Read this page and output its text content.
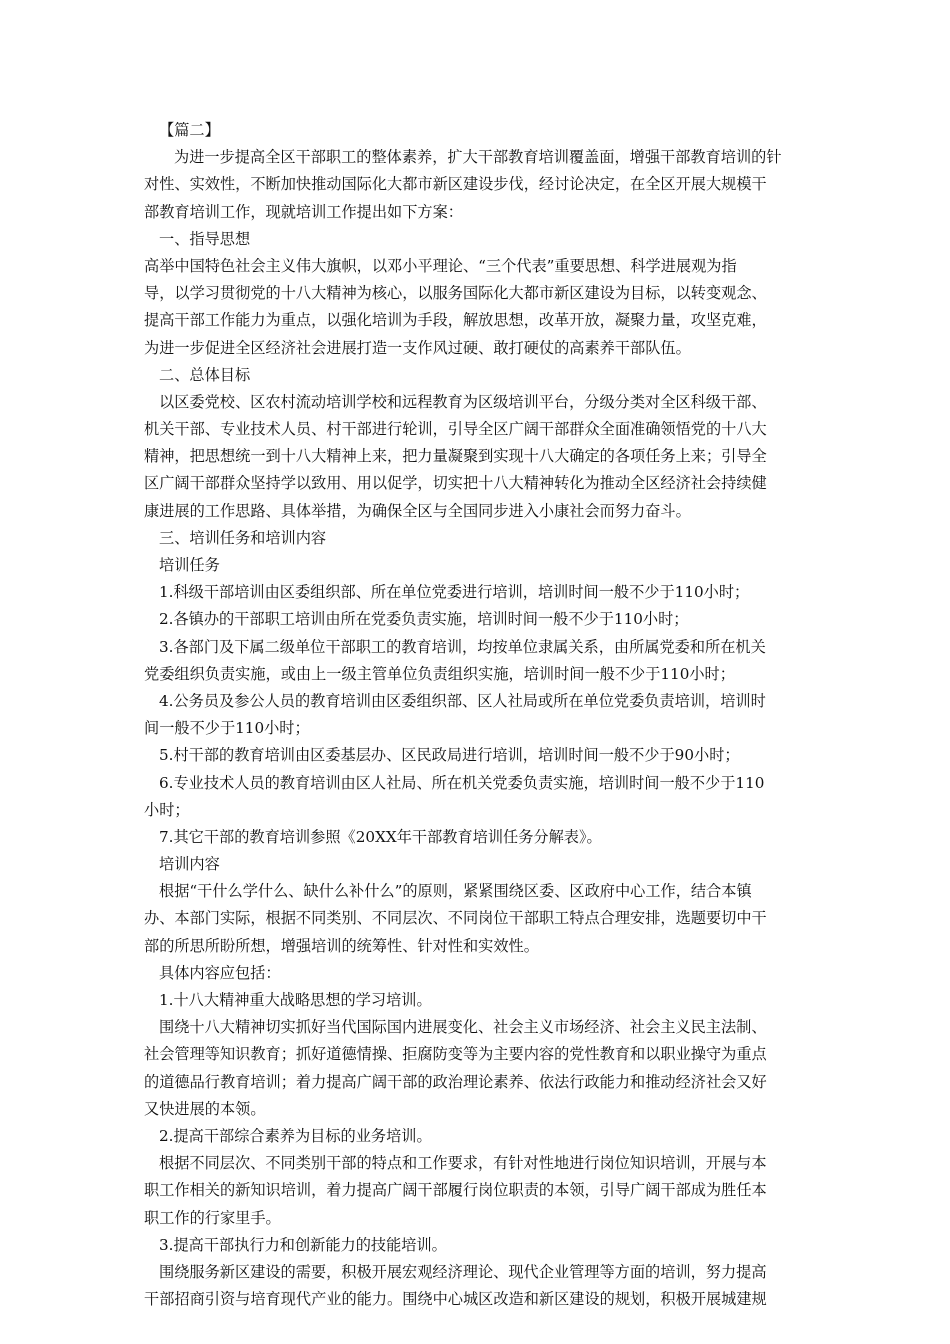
【篇二】

为进一步提高全区干部职工的整体素养，扩大干部教育培训覆盖面，增强干部教育培训的针

对性、实效性，不断加快推动国际化大都市新区建设步伐，经讨论决定，在全区开展大规模干

部教育培训工作，现就培训工作提出如下方案：

一、指导思想

高举中国特色社会主义伟大旗帜，以邓小平理论、“三个代表”重要思想、科学进展观为指

导，以学习贯彻党的十八大精神为核心，以服务国际化大都市新区建设为目标，以转变观念、

提高干部工作能力为重点，以强化培训为手段，解放思想，改革开放，凝聚力量，攻坚克难，

为进一步促进全区经济社会进展打造一支作风过硬、敢打硬仗的高素养干部队伍。

二、总体目标

以区委党校、区农村流动培训学校和远程教育为区级培训平台，分级分类对全区科级干部、

机关干部、专业技术人员、村干部进行轮训，引导全区广阔干部群众全面准确领悟党的十八大

精神，把思想统一到十八大精神上来，把力量凝聚到实现十八大确定的各项任务上来；引导全

区广阔干部群众坚持学以致用、用以促学，切实把十八大精神转化为推动全区经济社会持续健

康进展的工作思路、具体举措，为确保全区与全国同步进入小康社会而努力奋斗。

三、培训任务和培训内容

培训任务

1.科级干部培训由区委组织部、所在单位党委进行培训，培训时间一般不少于110小时；

2.各镇办的干部职工培训由所在党委负责实施，培训时间一般不少于110小时；

3.各部门及下属二级单位干部职工的教育培训，均按单位隶属关系，由所属党委和所在机关

党委组织负责实施，或由上一级主管单位负责组织实施，培训时间一般不少于110小时；

4.公务员及参公人员的教育培训由区委组织部、区人社局或所在单位党委负责培训，培训时

间一般不少于110小时；

5.村干部的教育培训由区委基层办、区民政局进行培训，培训时间一般不少于90小时；

6.专业技术人员的教育培训由区人社局、所在机关党委负责实施，培训时间一般不少于110

小时；

7.其它干部的教育培训参照《20XX年干部教育培训任务分解表》。

培训内容

根据“干什么学什么、缺什么补什么”的原则，紧紧围绕区委、区政府中心工作，结合本镇

办、本部门实际，根据不同类别、不同层次、不同岗位干部职工特点合理安排，选题要切中干

部的所思所盼所想，增强培训的统筹性、针对性和实效性。

具体内容应包括：

1.十八大精神重大战略思想的学习培训。

围绕十八大精神切实抓好当代国际国内进展变化、社会主义市场经济、社会主义民主法制、

社会管理等知识教育；抓好道德情操、拒腐防变等为主要内容的党性教育和以职业操守为重点

的道德品行教育培训；着力提高广阔干部的政治理论素养、依法行政能力和推动经济社会又好

又快进展的本领。

2.提高干部综合素养为目标的业务培训。

根据不同层次、不同类别干部的特点和工作要求，有针对性地进行岗位知识培训，开展与本

职工作相关的新知识培训，着力提高广阔干部履行岗位职责的本领，引导广阔干部成为胜任本

职工作的行家里手。

3.提高干部执行力和创新能力的技能培训。

围绕服务新区建设的需要，积极开展宏观经济理论、现代企业管理等方面的培训，努力提高

干部招商引资与培育现代产业的能力。围绕中心城区改造和新区建设的规划，积极开展城建规
